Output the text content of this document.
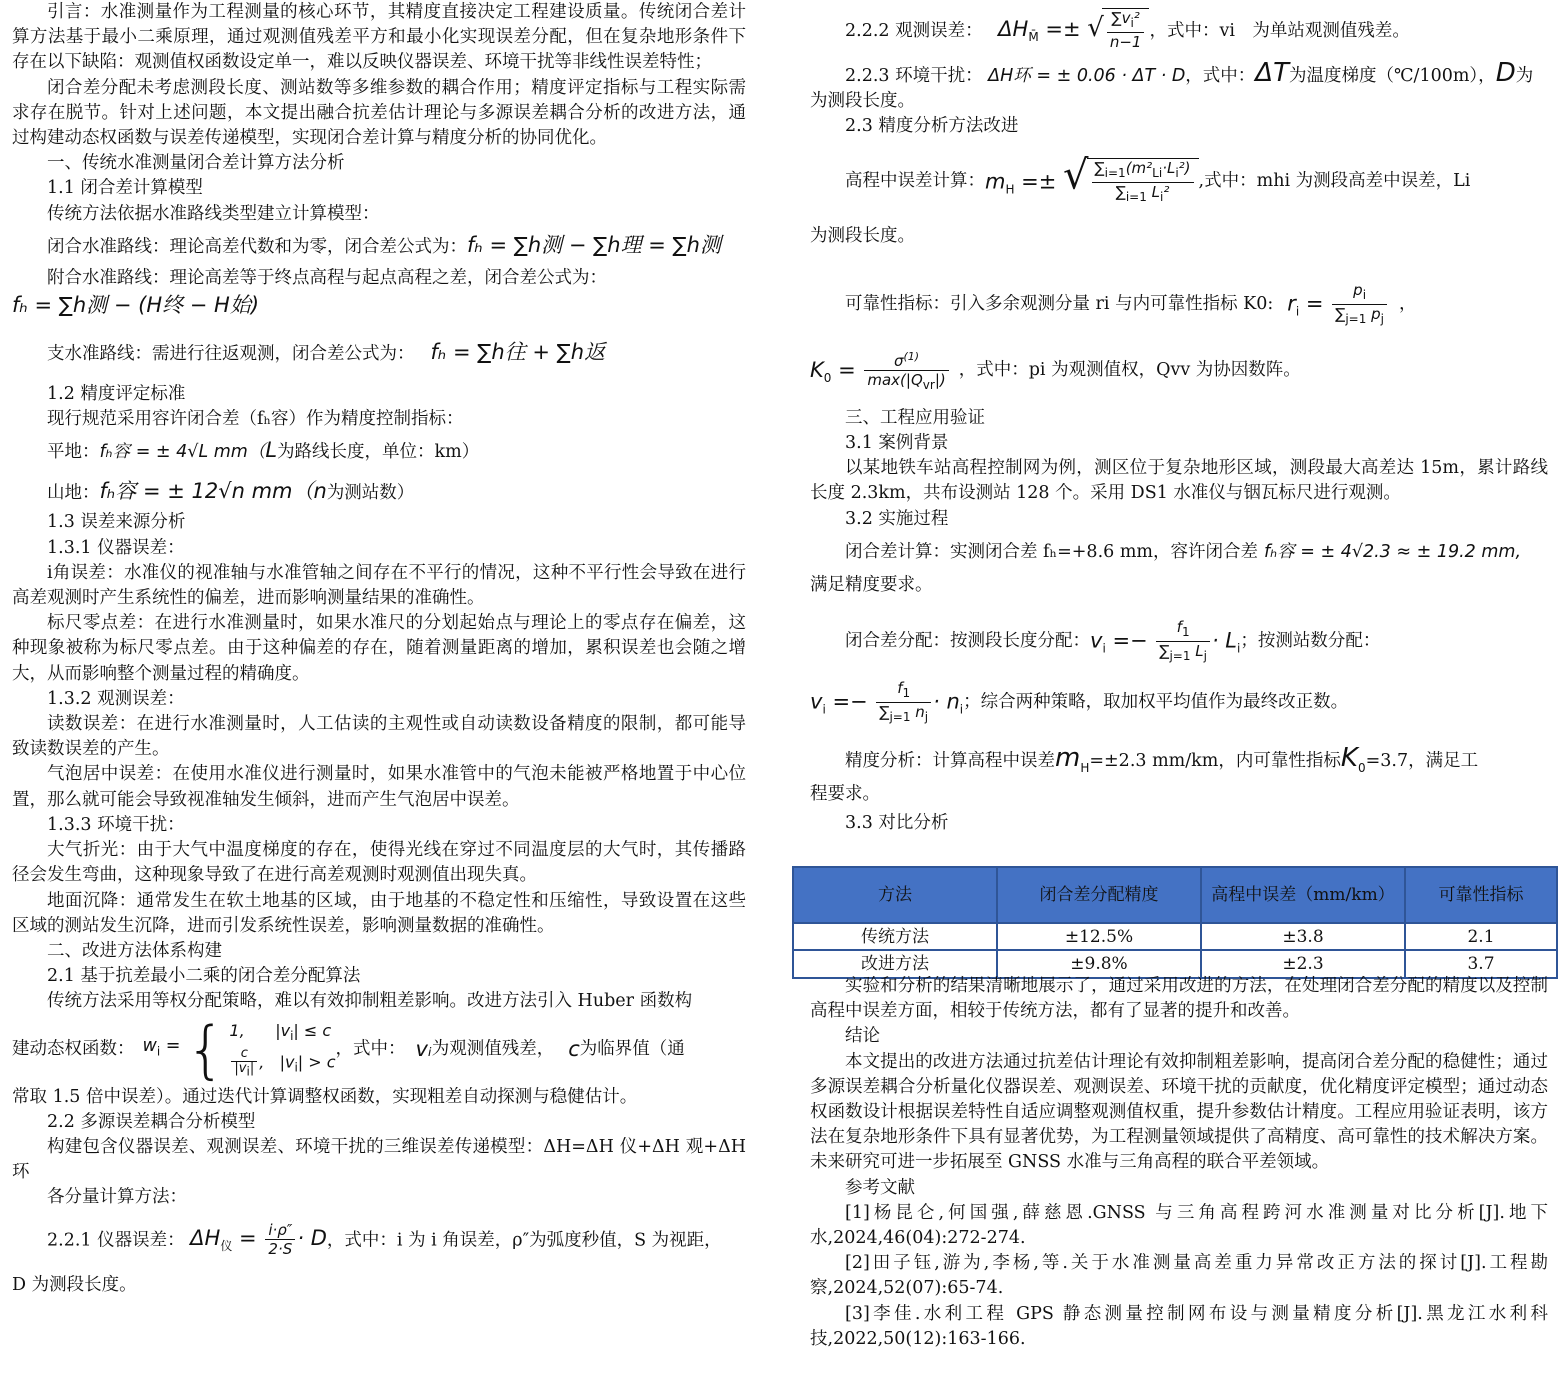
引言：水准测量作为工程测量的核心环节，其精度直接决定工程建设质量。传统闭合差计算方法基于最小二乘原理，通过观测值残差平方和最小化实现误差分配，但在复杂地形条件下存在以下缺陷：观测值权函数设定单一，难以反映仪器误差、环境干扰等非线性误差特性；

闭合差分配未考虑测段长度、测站数等多维参数的耦合作用；精度评定指标与工程实际需求存在脱节。针对上述问题，本文提出融合抗差估计理论与多源误差耦合分析的改进方法，通过构建动态权函数与误差传递模型，实现闭合差计算与精度分析的协同优化。

一、传统水准测量闭合差计算方法分析

1.1 闭合差计算模型

传统方法依据水准路线类型建立计算模型：

闭合水准路线：理论高差代数和为零，闭合差公式为：fₕ = ∑h测 − ∑h理 = ∑h测

附合水准路线：理论高差等于终点高程与起点高程之差，闭合差公式为：

fₕ = ∑h测 − (H终 − H始)

支水准路线：需进行往返观测，闭合差公式为： fₕ = ∑h往 + ∑h返

1.2 精度评定标准

现行规范采用容许闭合差（fₕ容）作为精度控制指标：

平地：fₕ容 = ± 4√L mm（L为路线长度，单位：km）

山地：fₕ容 = ± 12√n mm（n为测站数）

1.3 误差来源分析

1.3.1 仪器误差：

i角误差：水准仪的视准轴与水准管轴之间存在不平行的情况，这种不平行性会导致在进行高差观测时产生系统性的偏差，进而影响测量结果的准确性。

标尺零点差：在进行水准测量时，如果水准尺的分划起始点与理论上的零点存在偏差，这种现象被称为标尺零点差。由于这种偏差的存在，随着测量距离的增加，累积误差也会随之增大，从而影响整个测量过程的精确度。

1.3.2 观测误差：

读数误差：在进行水准测量时，人工估读的主观性或自动读数设备精度的限制，都可能导致读数误差的产生。

气泡居中误差：在使用水准仪进行测量时，如果水准管中的气泡未能被严格地置于中心位置，那么就可能会导致视准轴发生倾斜，进而产生气泡居中误差。

1.3.3 环境干扰：

大气折光：由于大气中温度梯度的存在，使得光线在穿过不同温度层的大气时，其传播路径会发生弯曲，这种现象导致了在进行高差观测时观测值出现失真。

地面沉降：通常发生在软土地基的区域，由于地基的不稳定性和压缩性，导致设置在这些区域的测站发生沉降，进而引发系统性误差，影响测量数据的准确性。

二、改进方法体系构建

2.1 基于抗差最小二乘的闭合差分配算法

传统方法采用等权分配策略，难以有效抑制粗差影响。改进方法引入 Huber 函数构

建动态权函数： $w_i$ = { 1,      $|v_i| \le c$
$\frac{c}{|v_i|}$ ,   $|v_i| > c$
，式中： vᵢ 为观测值残差， c 为临界值（通

常取 1.5 倍中误差）。通过迭代计算调整权函数，实现粗差自动探测与稳健估计。

2.2 多源误差耦合分析模型

构建包含仪器误差、观测误差、环境干扰的三维误差传递模型：ΔH=ΔH 仪+ΔH 观+ΔH 环

各分量计算方法：

2.2.1 仪器误差： $\Delta H_仪 = \frac{i\cdot\rho''}{2\cdot S} \cdot D$，式中：i 为 i 角误差，ρ″为弧度秒值，S 为视距，

D 为测段长度。

2.2.2 观测误差： $\Delta H_{M̄}$ =± √ $\frac{\sum v_i^2}{n-1}$ ，式中：vi　为单站观测值残差。

2.2.3 环境干扰： ΔH环 = ± 0.06 · ΔT · D，式中：ΔT为温度梯度（℃/100m），D为

为测段长度。

2.3 精度分析方法改进

高程中误差计算： $m_H$ =± √ $\frac{\sum_{i=1}(m^2_{Li}\cdot L_i^2)}{\sum_{i=1} L_i^2}$ ,式中：mhi 为测段高差中误差，Li

为测段长度。

可靠性指标：引入多余观测分量 ri 与内可靠性指标 K0: $r_i = \frac{p_i}{\sum_{j=1} p_j}$ ，

$K_0 = \frac{\sigma^{(1)}}{\max(|Q_{vr}|)}$ ，式中：pi 为观测值权，Qvv 为协因数阵。

三、工程应用验证

3.1 案例背景

以某地铁车站高程控制网为例，测区位于复杂地形区域，测段最大高差达 15m，累计路线长度 2.3km，共布设测站 128 个。采用 DS1 水准仪与铟瓦标尺进行观测。

3.2 实施过程

闭合差计算：实测闭合差 fₕ=+8.6 mm，容许闭合差 fₕ容 = ± 4√2.3 ≈ ± 19.2 mm,

满足精度要求。

闭合差分配：按测段长度分配： $v_i =- \frac{f_1}{\sum_{j=1} L_j} \cdot L_i$ ；按测站数分配：

$v_i =- \frac{f_1}{\sum_{j=1} n_j} \cdot n_i$ ；综合两种策略，取加权平均值作为最终改正数。

精度分析：计算高程中误差$m_H=\pm 2.3$ mm/km，内可靠性指标$K_0=3.7$，满足工

程要求。

3.3 对比分析

方法	闭合差分配精度	高程中误差（mm/km）	可靠性指标
传统方法	±12.5%	±3.8	2.1
改进方法	±9.8%	±2.3	3.7

实验和分析的结果清晰地展示了，通过采用改进的方法，在处理闭合差分配的精度以及控制高程中误差方面，相较于传统方法，都有了显著的提升和改善。

结论

本文提出的改进方法通过抗差估计理论有效抑制粗差影响，提高闭合差分配的稳健性；通过多源误差耦合分析量化仪器误差、观测误差、环境干扰的贡献度，优化精度评定模型；通过动态权函数设计根据误差特性自适应调整观测值权重，提升参数估计精度。工程应用验证表明，该方法在复杂地形条件下具有显著优势，为工程测量领域提供了高精度、高可靠性的技术解决方案。未来研究可进一步拓展至 GNSS 水准与三角高程的联合平差领域。

参考文献

[1]杨昆仑,何国强,薛慈恩.GNSS 与三角高程跨河水准测量对比分析[J].地下水,2024,46(04):272-274.

[2]田子钰,游为,李杨,等.关于水准测量高差重力异常改正方法的探讨[J].工程勘察,2024,52(07):65-74.

[3]李佳.水利工程 GPS 静态测量控制网布设与测量精度分析[J].黑龙江水利科技,2022,50(12):163-166.
